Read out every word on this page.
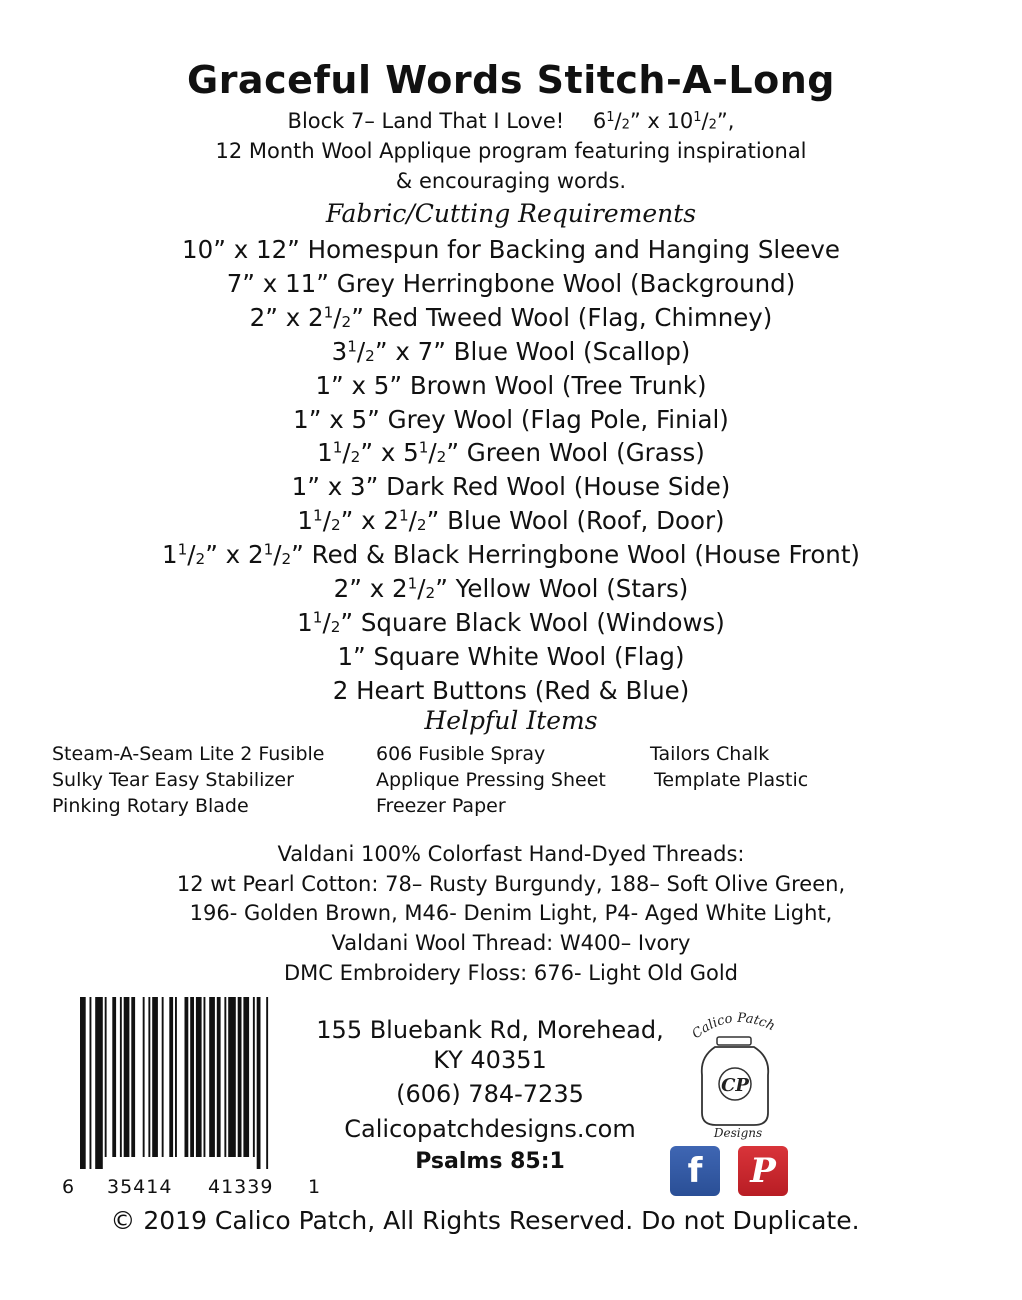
Graceful Words Stitch-A-Long
Block 7– Land That I Love! $6^1/_2$” x $10^1/_2$”,
12 Month Wool Applique program featuring inspirational
& encouraging words.
Fabric/Cutting Requirements
10” x 12” Homespun for Backing and Hanging Sleeve
7” x 11” Grey Herringbone Wool (Background)
2” x $2^1/_2$” Red Tweed Wool (Flag, Chimney)
$3^1/_2$” x 7” Blue Wool (Scallop)
1” x 5” Brown Wool (Tree Trunk)
1” x 5” Grey Wool (Flag Pole, Finial)
$1^1/_2$” x $5^1/_2$” Green Wool (Grass)
1” x 3” Dark Red Wool (House Side)
$1^1/_2$” x $2^1/_2$” Blue Wool (Roof, Door)
$1^1/_2$” x $2^1/_2$” Red & Black Herringbone Wool (House Front)
2” x $2^1/_2$” Yellow Wool (Stars)
$1^1/_2$” Square Black Wool (Windows)
1” Square White Wool (Flag)
2 Heart Buttons (Red & Blue)
Helpful Items
Steam-A-Seam Lite 2 Fusible
Sulky Tear Easy Stabilizer
Pinking Rotary Blade
606 Fusible Spray
Applique Pressing Sheet
Freezer Paper
Tailors Chalk
Template Plastic
Valdani 100% Colorfast Hand-Dyed Threads:
12 wt Pearl Cotton: 78– Rusty Burgundy, 188– Soft Olive Green,
196- Golden Brown, M46- Denim Light, P4- Aged White Light,
Valdani Wool Thread: W400– Ivory
DMC Embroidery Floss: 676- Light Old Gold
6 35414 41339 1
155 Bluebank Rd, Morehead,
KY 40351
(606) 784-7235
Calicopatchdesigns.com
Psalms 85:1
Calico Patch
CP
Designs
f	P
© 2019 Calico Patch, All Rights Reserved. Do not Duplicate.
